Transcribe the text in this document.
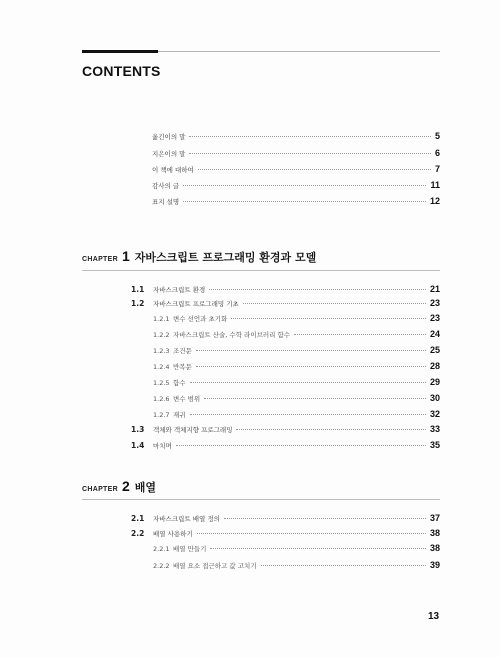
CONTENTS
옮긴이의 말	5
지은이의 말	6
이 책에 대하여	7
감사의 글	11
표지 설명	12
CHAPTER 1 자바스크립트 프로그래밍 환경과 모델
1.1	자바스크립트 환경	21
1.2	자바스크립트 프로그래밍 기초	23
1.2.1 변수 선언과 초기화	23
1.2.2 자바스크립트 산술, 수학 라이브러리 함수	24
1.2.3 조건문	25
1.2.4 반복문	28
1.2.5 함수	29
1.2.6 변수 범위	30
1.2.7 재귀	32
1.3	객체와 객체지향 프로그래밍	33
1.4	마치며	35
CHAPTER 2 배열
2.1	자바스크립트 배열 정의	37
2.2	배열 사용하기	38
2.2.1 배열 만들기	38
2.2.2 배열 요소 접근하고 값 고치기	39
13
